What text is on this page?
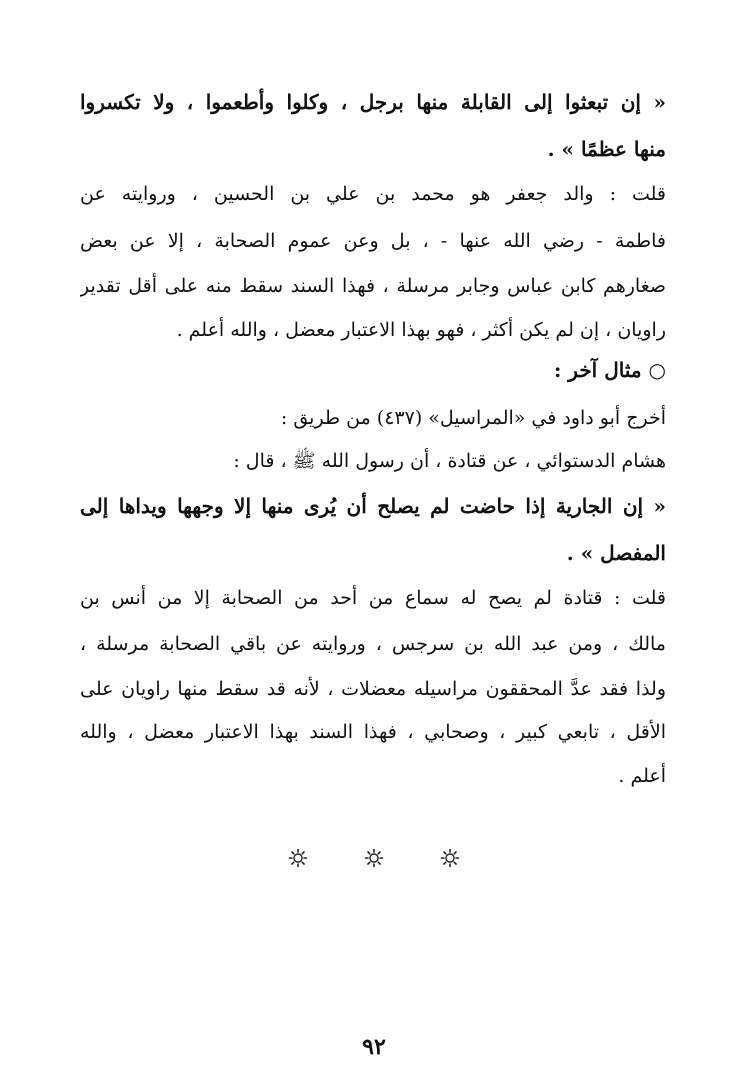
« إن تبعثوا إلى القابلة منها برجل ، وكلوا وأطعموا ، ولا تكسروا
منها عظمًا » .
قلت : والد جعفر هو محمد بن علي بن الحسين ، وروايته عن
فاطمة - رضي الله عنها - ، بل وعن عموم الصحابة ، إلا عن بعض
صغارهم كابن عباس وجابر مرسلة ، فهذا السند سقط منه على أقل تقدير
راويان ، إن لم يكن أكثر ، فهو بهذا الاعتبار معضل ، والله أعلم .
○ مثال آخر :
أخرج أبو داود في «المراسيل» (٤٣٧) من طريق :
هشام الدستوائي ، عن قتادة ، أن رسول الله ﷺ ، قال :
« إن الجارية إذا حاضت لم يصلح أن يُرى منها إلا وجهها ويداها إلى
المفصل » .
قلت : قتادة لم يصح له سماع من أحد من الصحابة إلا من أنس بن
مالك ، ومن عبد الله بن سرجس ، وروايته عن باقي الصحابة مرسلة ،
ولذا فقد عدَّ المحققون مراسيله معضلات ، لأنه قد سقط منها راويان على
الأقل ، تابعي كبير ، وصحابي ، فهذا السند بهذا الاعتبار معضل ، والله
أعلم .
٩٢
